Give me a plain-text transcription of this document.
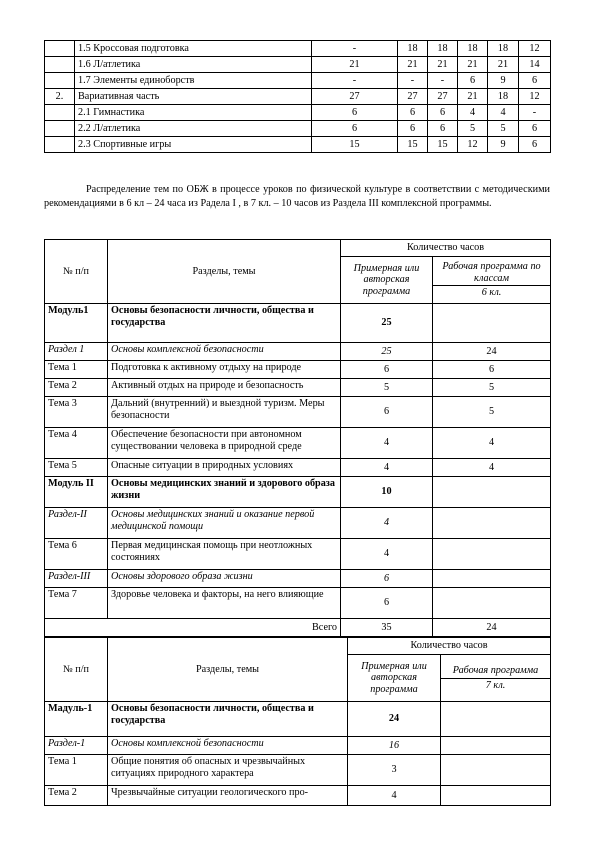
	1.5 Кроссовая подготовка	-	18	18	18	18	12
	1.6 Л/атлетика	21	21	21	21	21	14
	1.7 Элементы единоборств	-	-	-	6	9	6
2.	Вариативная часть	27	27	27	21	18	12
	2.1 Гимнастика	6	6	6	4	4	-
	2.2 Л/атлетика	6	6	6	5	5	6
	2.3 Спортивные игры	15	15	15	12	9	6

Распределение тем по ОБЖ в процессе уроков по физической культуре в соответствии с методическими рекомендациями в 6 кл – 24 часа из Радела I , в 7 кл. – 10 часов из Раздела III комплексной программы.

№ п/п	Разделы, темы	Количество часов	
		Примерная или авторская программа	Рабочая программа по классам
6 кл.

Модуль1	Основы безопасности личности, общества и государства	25	
Раздел 1	Основы комплексной безопасности	25	24
Тема 1	Подготовка к активному отдыху на природе	6	6
Тема 2	Активный отдых на природе и безопасность	5	5
Тема 3	Дальний (внутренний) и выездной туризм. Меры безопасности	6	5
Тема 4	Обеспечение безопасности при автономном существовании человека в природной среде	4	4
Тема 5	Опасные ситуации в природных условиях	4	4
Модуль II	Основы медицинских знаний и здорового образа жизни	10	
Раздел-II	Основы медицинских знаний и оказание первой медицинской помощи	4	
Тема 6	Первая медицинская помощь при неотложных состояниях	4	
Раздел-III	Основы здорового образа жизни	6	
Тема 7	Здоровье человека и факторы, на него влияющие	6	
Всего		35	24
№ п/п	Разделы, темы	Количество часов	
		Примерная или авторская программа	Рабочая программа
7 кл.

Мадуль-1	Основы безопасности личности, общества и государства	24	
Раздел-1	Основы комплексной безопасности	16	
Тема 1	Общие понятия об опасных и чрезвычайных ситуациях природного характера	3	
Тема 2	Чрезвычайные ситуации геологического про-	4	
